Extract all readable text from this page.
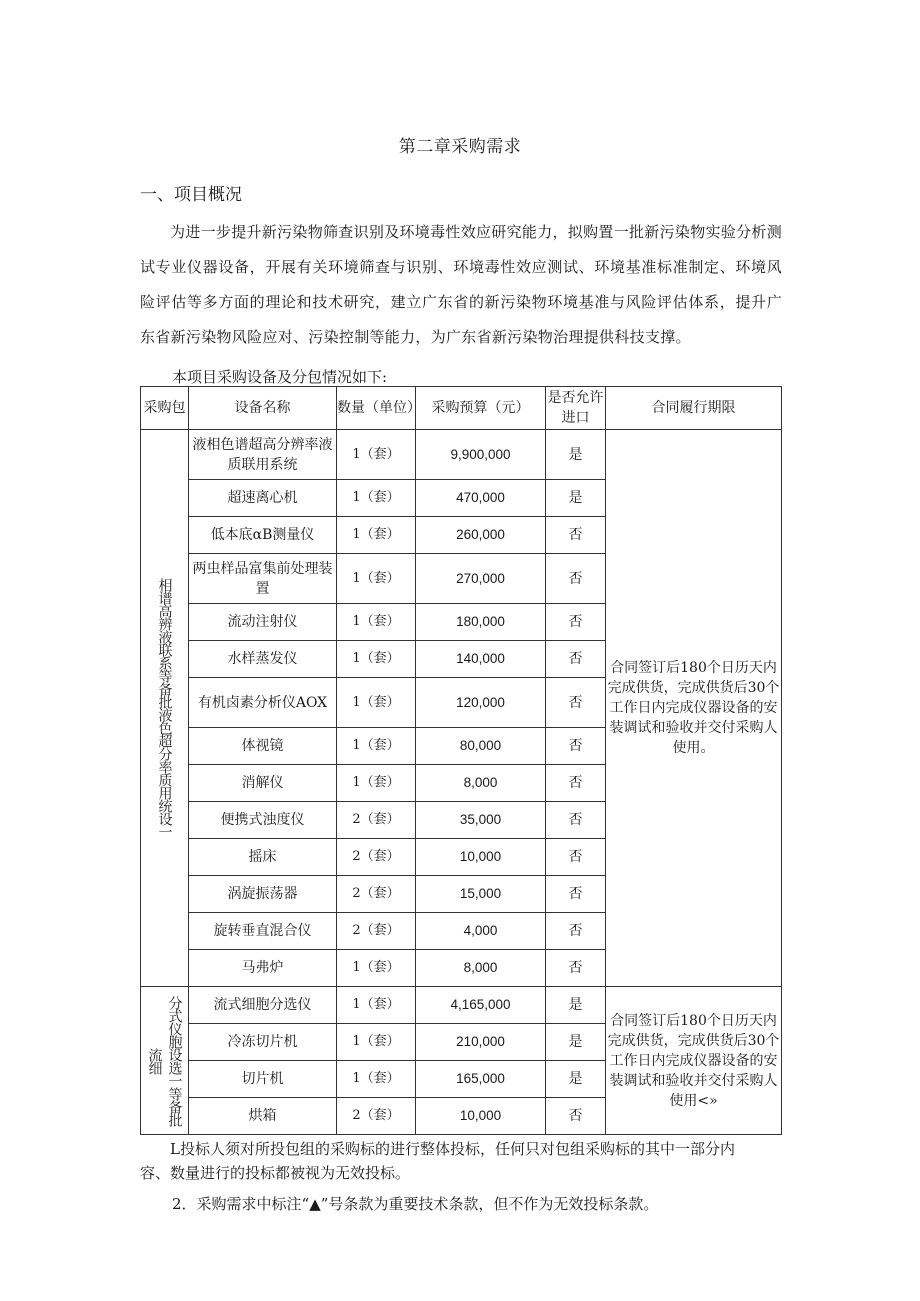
第二章采购需求
一、项目概况

为进一步提升新污染物筛查识别及环境毒性效应研究能力，拟购置一批新污染物实验分析测试专业仪器设备，开展有关环境筛查与识别、环境毒性效应测试、环境基准标准制定、环境风险评估等多方面的理论和技术研究，建立广东省的新污染物环境基准与风险评估体系，提升广东省新污染物风险应对、污染控制等能力，为广东省新污染物治理提供科技支撑。

本项目采购设备及分包情况如下:
采购包	设备名称	数量（单位）	采购预算（元）	是否允许进口	合同履行期限

相谱高辨液联系等备批液色超分率质用统设一	液相色谱超高分辨率液质联用系统	1（套）	9,900,000	是	合同签订后180个日历天内完成供货，完成供货后30个工作日内完成仪器设备的安装调试和验收并交付采购人使用。
	超速离心机	1（套）	470,000	是	
	低本底αB测量仪	1（套）	260,000	否	
	两虫样品富集前处理装置	1（套）	270,000	否	
	流动注射仪	1（套）	180,000	否	
	水样蒸发仪	1（套）	140,000	否	
	有机卤素分析仪AOX	1（套）	120,000	否	
	体视镜	1（套）	80,000	否	
	消解仪	1（套）	8,000	否	
	便携式浊度仪	2（套）	35,000	否	
	摇床	2（套）	10,000	否	
	涡旋振荡器	2（套）	15,000	否	
	旋转垂直混合仪	2（套）	4,000	否	
	马弗炉	1（套）	8,000	否	

分式仪胞设选一等备批流细	流式细胞分选仪	1（套）	4,165,000	是	合同签订后180个日历天内完成供货，完成供货后30个工作日内完成仪器设备的安装调试和验收并交付采购人使用<»
	冷冻切片机	1（套）	210,000	是	
	切片机	1（套）	165,000	是	
	烘箱	2（套）	10,000	否	

L投标人须对所投包组的采购标的进行整体投标，任何只对包组采购标的其中一部分内容、数量进行的投标都被视为无效投标。

2．采购需求中标注“▲”号条款为重要技术条款，但不作为无效投标条款。
